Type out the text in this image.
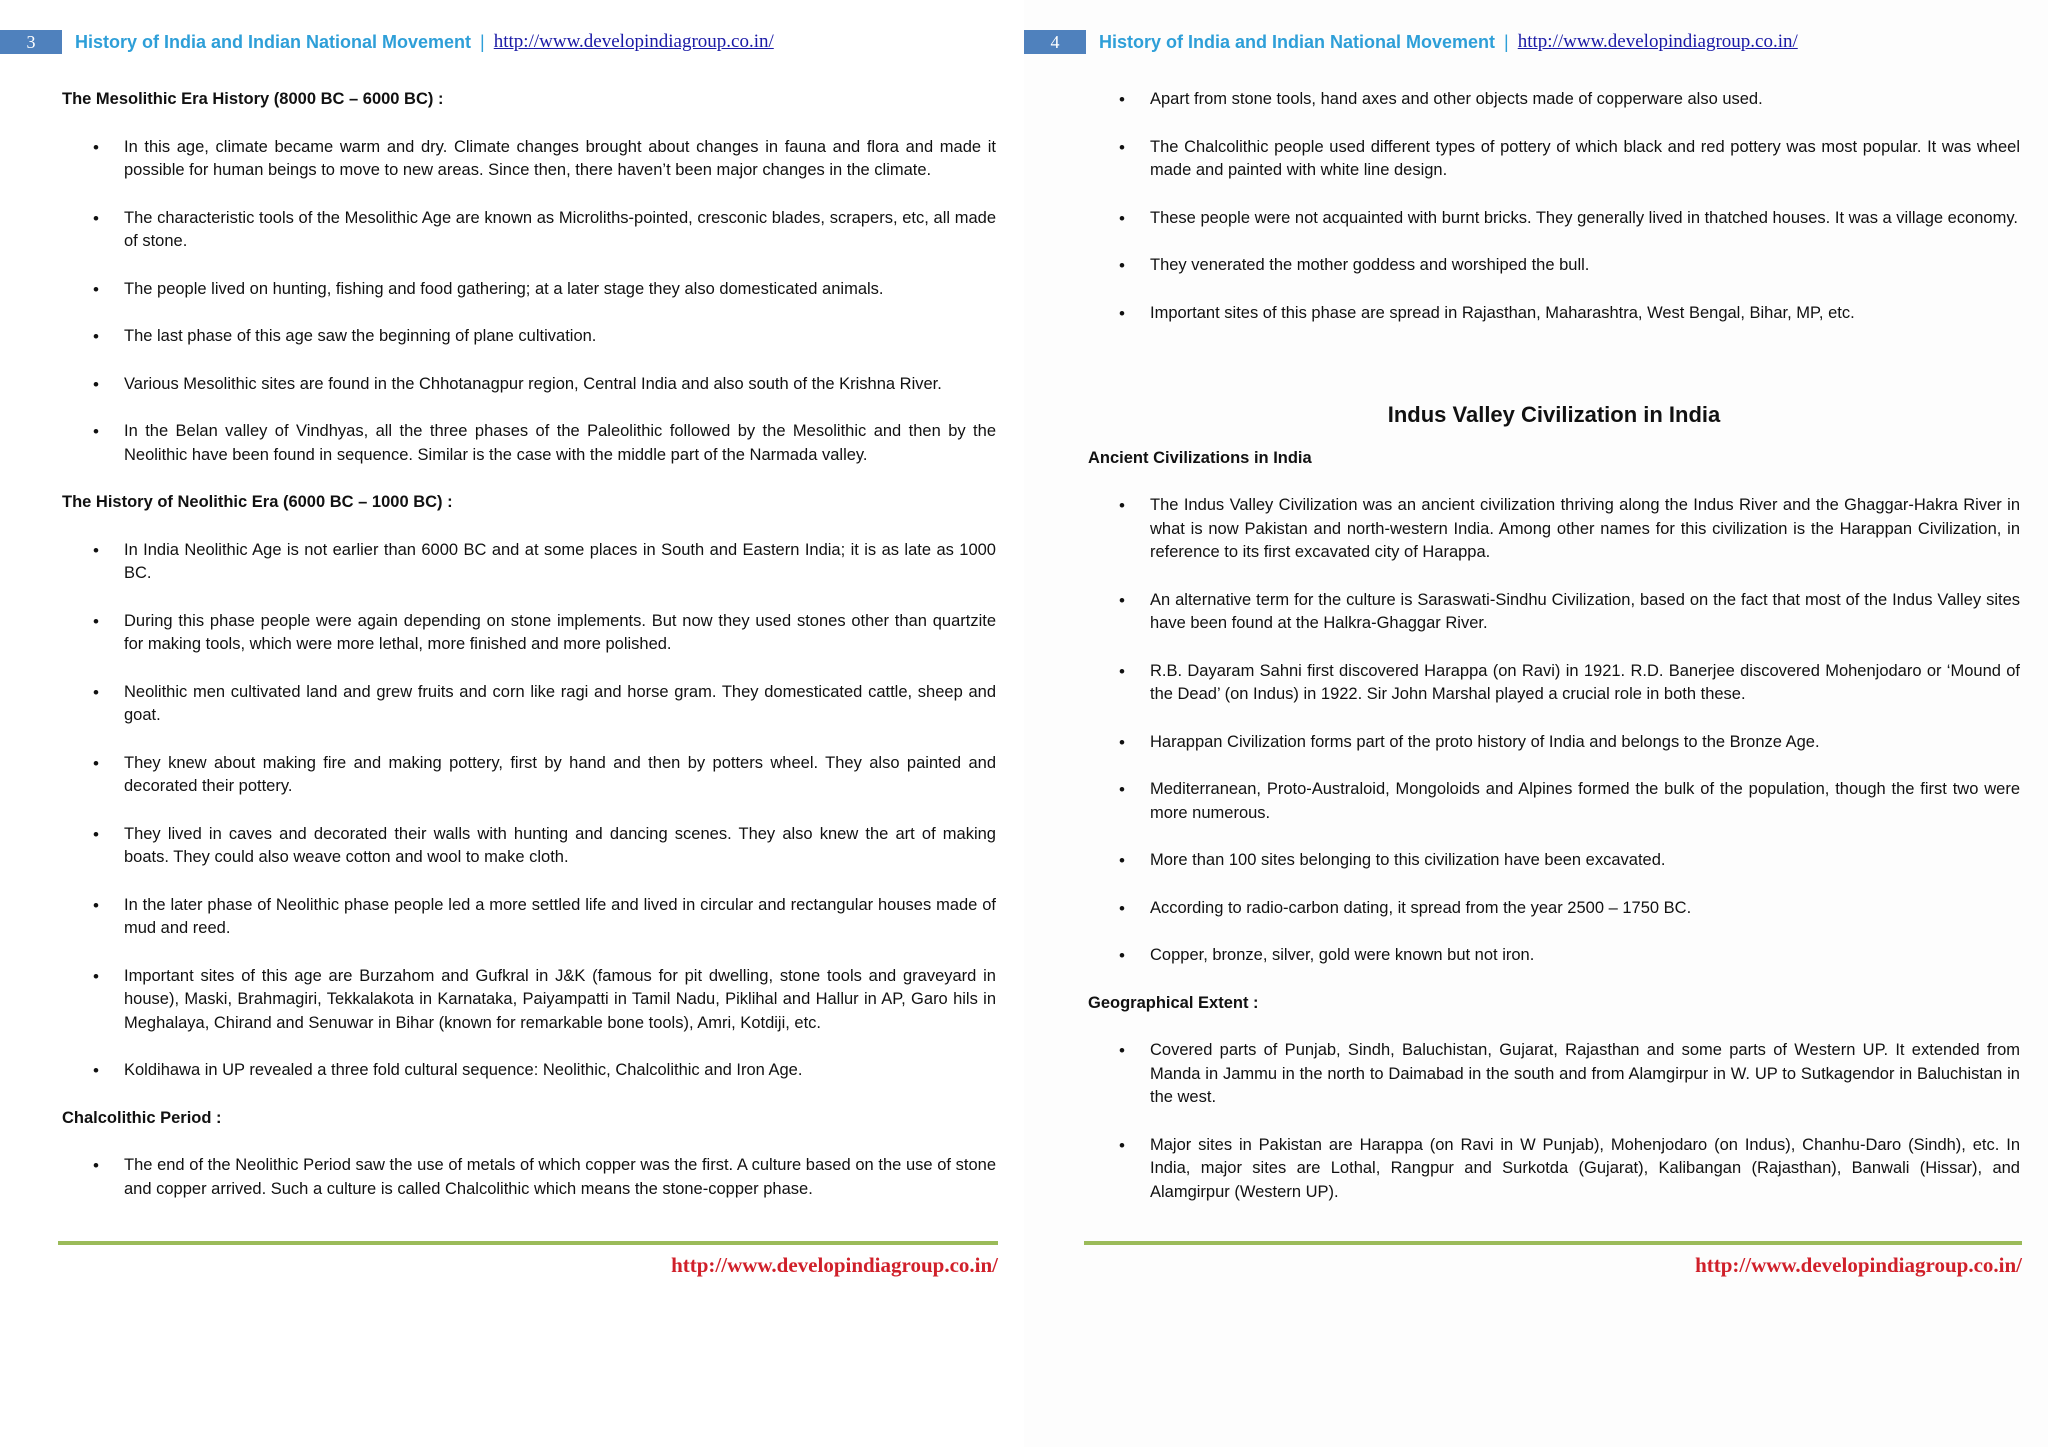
3	History of India and Indian National Movement | http://www.developindiagroup.co.in/
The Mesolithic Era History (8000 BC – 6000 BC) :
• In this age, climate became warm and dry. Climate changes brought about changes in fauna and flora and made it possible for human beings to move to new areas. Since then, there haven’t been major changes in the climate.
• The characteristic tools of the Mesolithic Age are known as Microliths-pointed, cresconic blades, scrapers, etc, all made of stone.
• The people lived on hunting, fishing and food gathering; at a later stage they also domesticated animals.
• The last phase of this age saw the beginning of plane cultivation.
• Various Mesolithic sites are found in the Chhotanagpur region, Central India and also south of the Krishna River.
• In the Belan valley of Vindhyas, all the three phases of the Paleolithic followed by the Mesolithic and then by the Neolithic have been found in sequence. Similar is the case with the middle part of the Narmada valley.
The History of Neolithic Era (6000 BC – 1000 BC) :
• In India Neolithic Age is not earlier than 6000 BC and at some places in South and Eastern India; it is as late as 1000 BC.
• During this phase people were again depending on stone implements. But now they used stones other than quartzite for making tools, which were more lethal, more finished and more polished.
• Neolithic men cultivated land and grew fruits and corn like ragi and horse gram. They domesticated cattle, sheep and goat.
• They knew about making fire and making pottery, first by hand and then by potters wheel. They also painted and decorated their pottery.
• They lived in caves and decorated their walls with hunting and dancing scenes. They also knew the art of making boats. They could also weave cotton and wool to make cloth.
• In the later phase of Neolithic phase people led a more settled life and lived in circular and rectangular houses made of mud and reed.
• Important sites of this age are Burzahom and Gufkral in J&K (famous for pit dwelling, stone tools and graveyard in house), Maski, Brahmagiri, Tekkalakota in Karnataka, Paiyampatti in Tamil Nadu, Piklihal and Hallur in AP, Garo hils in Meghalaya, Chirand and Senuwar in Bihar (known for remarkable bone tools), Amri, Kotdiji, etc.
• Koldihawa in UP revealed a three fold cultural sequence: Neolithic, Chalcolithic and Iron Age.
Chalcolithic Period :
• The end of the Neolithic Period saw the use of metals of which copper was the first. A culture based on the use of stone and copper arrived. Such a culture is called Chalcolithic which means the stone-copper phase.
http://www.developindiagroup.co.in/
4	History of India and Indian National Movement | http://www.developindiagroup.co.in/
• Apart from stone tools, hand axes and other objects made of copperware also used.
• The Chalcolithic people used different types of pottery of which black and red pottery was most popular. It was wheel made and painted with white line design.
• These people were not acquainted with burnt bricks. They generally lived in thatched houses. It was a village economy.
• They venerated the mother goddess and worshiped the bull.
• Important sites of this phase are spread in Rajasthan, Maharashtra, West Bengal, Bihar, MP, etc.
Indus Valley Civilization in India
Ancient Civilizations in India
• The Indus Valley Civilization was an ancient civilization thriving along the Indus River and the Ghaggar-Hakra River in what is now Pakistan and north-western India. Among other names for this civilization is the Harappan Civilization, in reference to its first excavated city of Harappa.
• An alternative term for the culture is Saraswati-Sindhu Civilization, based on the fact that most of the Indus Valley sites have been found at the Halkra-Ghaggar River.
• R.B. Dayaram Sahni first discovered Harappa (on Ravi) in 1921. R.D. Banerjee discovered Mohenjodaro or ‘Mound of the Dead’ (on Indus) in 1922. Sir John Marshal played a crucial role in both these.
• Harappan Civilization forms part of the proto history of India and belongs to the Bronze Age.
• Mediterranean, Proto-Australoid, Mongoloids and Alpines formed the bulk of the population, though the first two were more numerous.
• More than 100 sites belonging to this civilization have been excavated.
• According to radio-carbon dating, it spread from the year 2500 – 1750 BC.
• Copper, bronze, silver, gold were known but not iron.
Geographical Extent :
• Covered parts of Punjab, Sindh, Baluchistan, Gujarat, Rajasthan and some parts of Western UP. It extended from Manda in Jammu in the north to Daimabad in the south and from Alamgirpur in W. UP to Sutkagendor in Baluchistan in the west.
• Major sites in Pakistan are Harappa (on Ravi in W Punjab), Mohenjodaro (on Indus), Chanhu-Daro (Sindh), etc. In India, major sites are Lothal, Rangpur and Surkotda (Gujarat), Kalibangan (Rajasthan), Banwali (Hissar), and Alamgirpur (Western UP).
http://www.developindiagroup.co.in/
